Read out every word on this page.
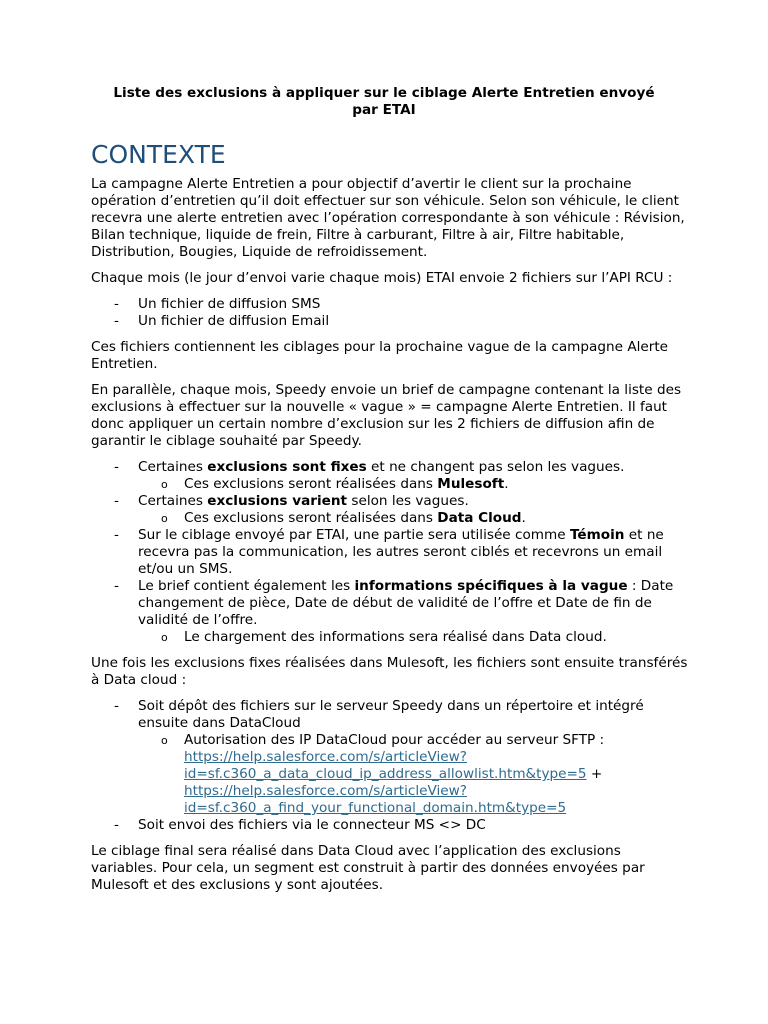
Liste des exclusions à appliquer sur le ciblage Alerte Entretien envoyé
par ETAI
CONTEXTE

La campagne Alerte Entretien a pour objectif d’avertir le client sur la prochaine opération d’entretien qu’il doit effectuer sur son véhicule. Selon son véhicule, le client recevra une alerte entretien avec l’opération correspondante à son véhicule : Révision, Bilan technique, liquide de frein, Filtre à carburant, Filtre à air, Filtre habitable, Distribution, Bougies, Liquide de refroidissement.

Chaque mois (le jour d’envoi varie chaque mois) ETAI envoie 2 fichiers sur l’API RCU :

- Un fichier de diffusion SMS
- Un fichier de diffusion Email

Ces fichiers contiennent les ciblages pour la prochaine vague de la campagne Alerte Entretien.

En parallèle, chaque mois, Speedy envoie un brief de campagne contenant la liste des exclusions à effectuer sur la nouvelle « vague » = campagne Alerte Entretien. Il faut donc appliquer un certain nombre d’exclusion sur les 2 fichiers de diffusion afin de garantir le ciblage souhaité par Speedy.

- Certaines exclusions sont fixes et ne changent pas selon les vagues.
o Ces exclusions seront réalisées dans Mulesoft.
- Certaines exclusions varient selon les vagues.
o Ces exclusions seront réalisées dans Data Cloud.
- Sur le ciblage envoyé par ETAI, une partie sera utilisée comme Témoin et ne recevra pas la communication, les autres seront ciblés et recevrons un email et/ou un SMS.
- Le brief contient également les informations spécifiques à la vague : Date changement de pièce, Date de début de validité de l’offre et Date de fin de validité de l’offre.
o Le chargement des informations sera réalisé dans Data cloud.

Une fois les exclusions fixes réalisées dans Mulesoft, les fichiers sont ensuite transférés à Data cloud :

- Soit dépôt des fichiers sur le serveur Speedy dans un répertoire et intégré ensuite dans DataCloud
o Autorisation des IP DataCloud pour accéder au serveur SFTP :
https://help.salesforce.com/s/articleView?
id=sf.c360_a_data_cloud_ip_address_allowlist.htm&type=5 +
https://help.salesforce.com/s/articleView?
id=sf.c360_a_find_your_functional_domain.htm&type=5
- Soit envoi des fichiers via le connecteur MS <> DC

Le ciblage final sera réalisé dans Data Cloud avec l’application des exclusions variables. Pour cela, un segment est construit à partir des données envoyées par Mulesoft et des exclusions y sont ajoutées.
